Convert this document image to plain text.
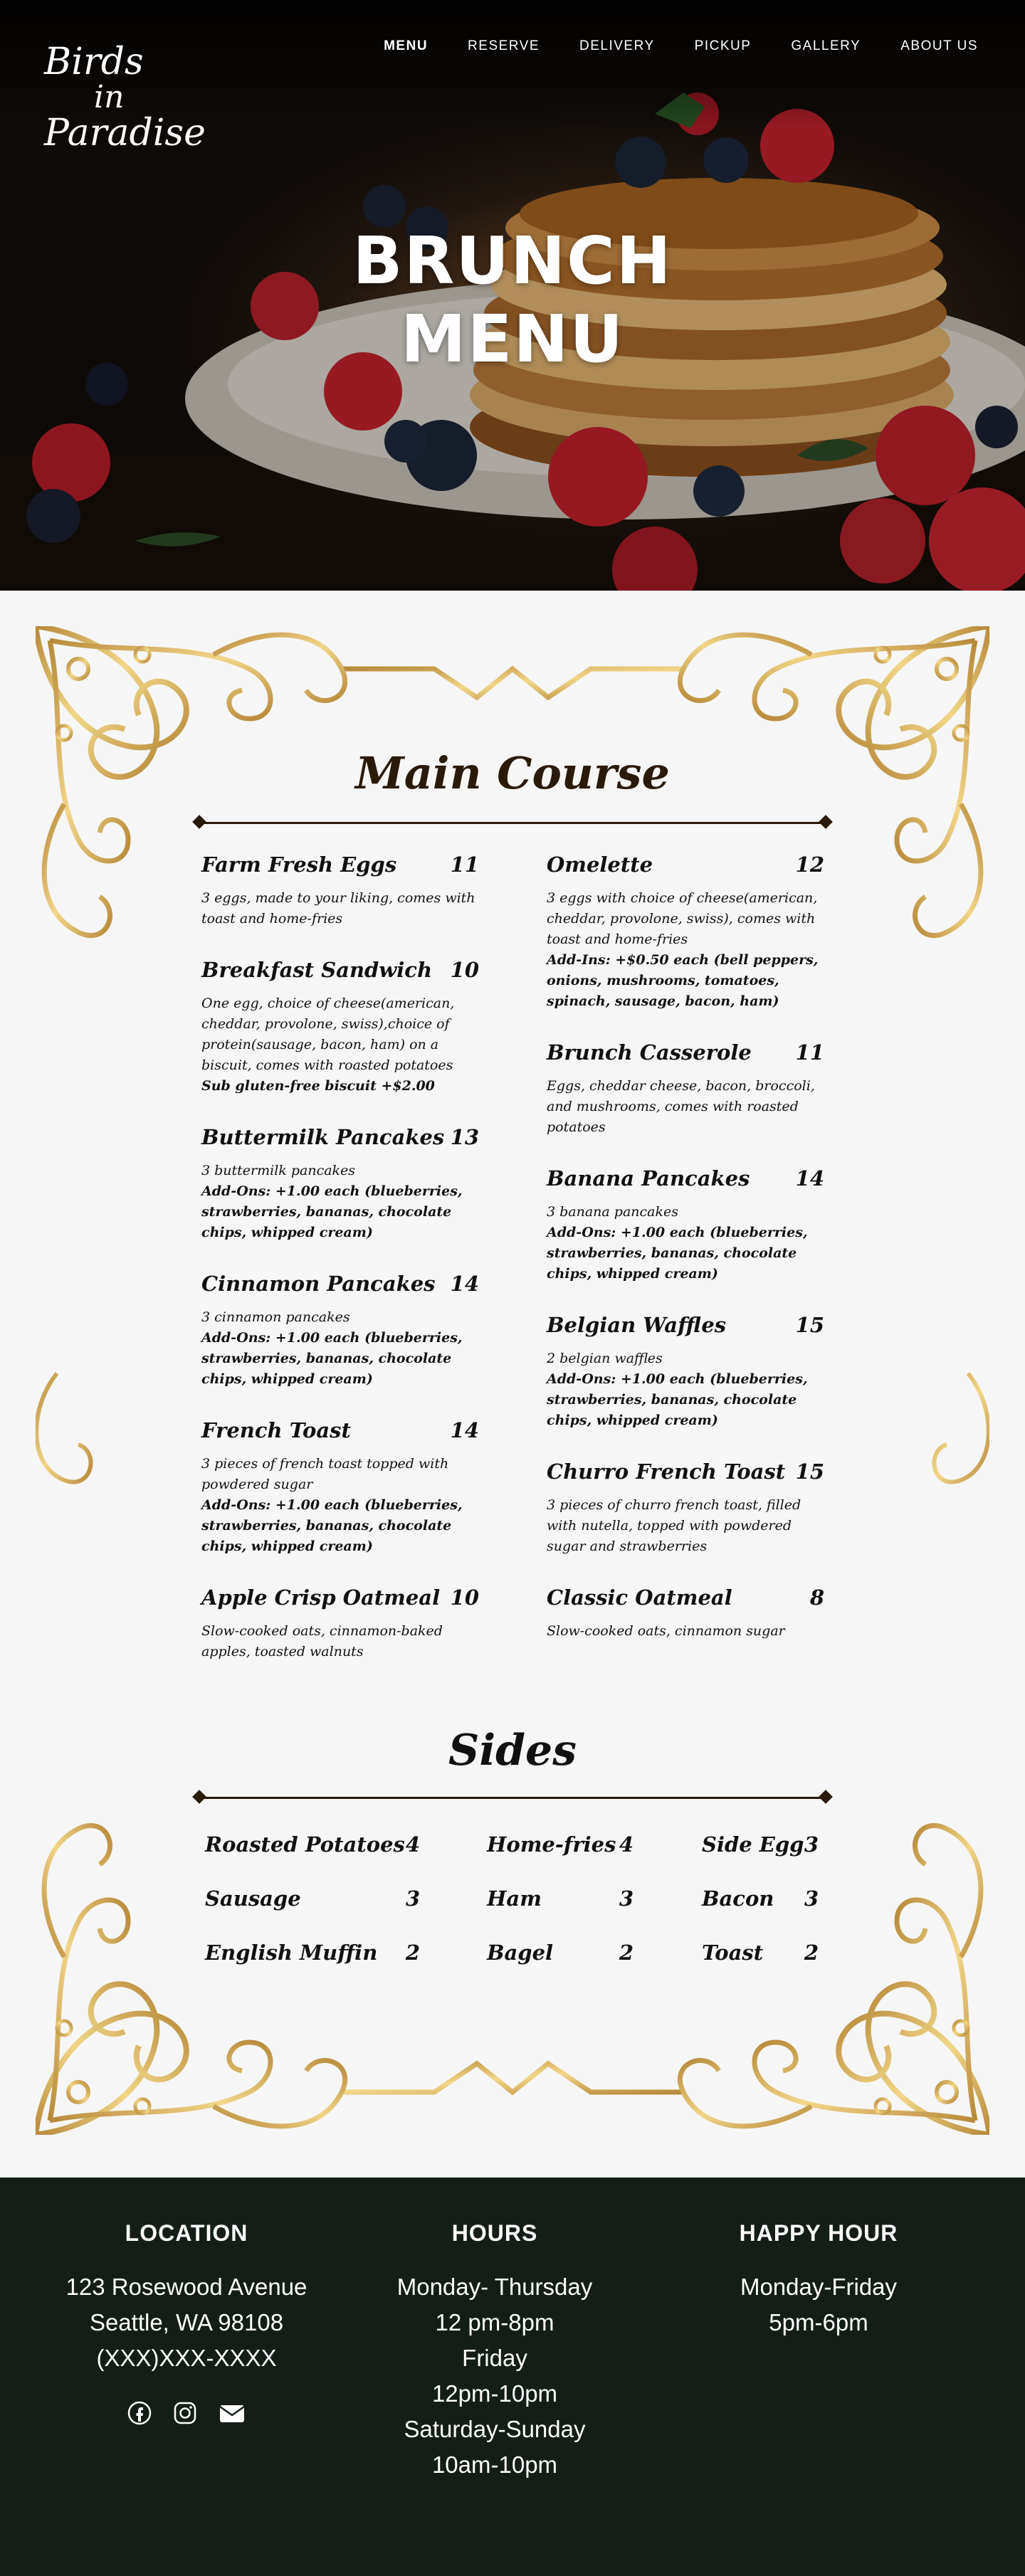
Birds
in
Paradise
MENU	RESERVE	DELIVERY	PICKUP	GALLERY	ABOUT US
BRUNCH
MENU
Main Course
Farm Fresh Eggs	11
3 eggs, made to your liking, comes with toast and home-fries
Breakfast Sandwich 10
One egg, choice of cheese(american, cheddar, provolone, swiss),choice of protein(sausage, bacon, ham) on a biscuit, comes with roasted potatoes
Sub gluten-free biscuit +$2.00
Buttermilk Pancakes 13
3 buttermilk pancakes
Add-Ons: +1.00 each (blueberries, strawberries, bananas, chocolate chips, whipped cream)
Cinnamon Pancakes 14
3 cinnamon pancakes
Add-Ons: +1.00 each (blueberries, strawberries, bananas, chocolate chips, whipped cream)
French Toast	14
3 pieces of french toast topped with powdered sugar
Add-Ons: +1.00 each (blueberries, strawberries, bananas, chocolate chips, whipped cream)
Apple Crisp Oatmeal 10
Slow-cooked oats, cinnamon-baked apples, toasted walnuts
Omelette	12
3 eggs with choice of cheese(american, cheddar, provolone, swiss), comes with toast and home-fries
Add-Ins: +$0.50 each (bell peppers, onions, mushrooms, tomatoes, spinach, sausage, bacon, ham)
Brunch Casserole 11
Eggs, cheddar cheese, bacon, broccoli, and mushrooms, comes with roasted potatoes
Banana Pancakes 14
3 banana pancakes
Add-Ons: +1.00 each (blueberries, strawberries, bananas, chocolate chips, whipped cream)
Belgian Waffles	15
2 belgian waffles
Add-Ons: +1.00 each (blueberries, strawberries, bananas, chocolate chips, whipped cream)
Churro French Toast 15
3 pieces of churro french toast, filled with nutella, topped with powdered sugar and strawberries
Classic Oatmeal	8
Slow-cooked oats, cinnamon sugar
Sides
Roasted Potatoes 4	Home-fries 4	Side Egg 3
Sausage	3	Ham	3	Bacon 3
English Muffin 2	Bagel	2	Toast 2
LOCATION
123 Rosewood Avenue
Seattle, WA 98108
(XXX)XXX-XXXX
HOURS
Monday- Thursday
12 pm-8pm
Friday
12pm-10pm
Saturday-Sunday
10am-10pm
HAPPY HOUR
Monday-Friday
5pm-6pm
